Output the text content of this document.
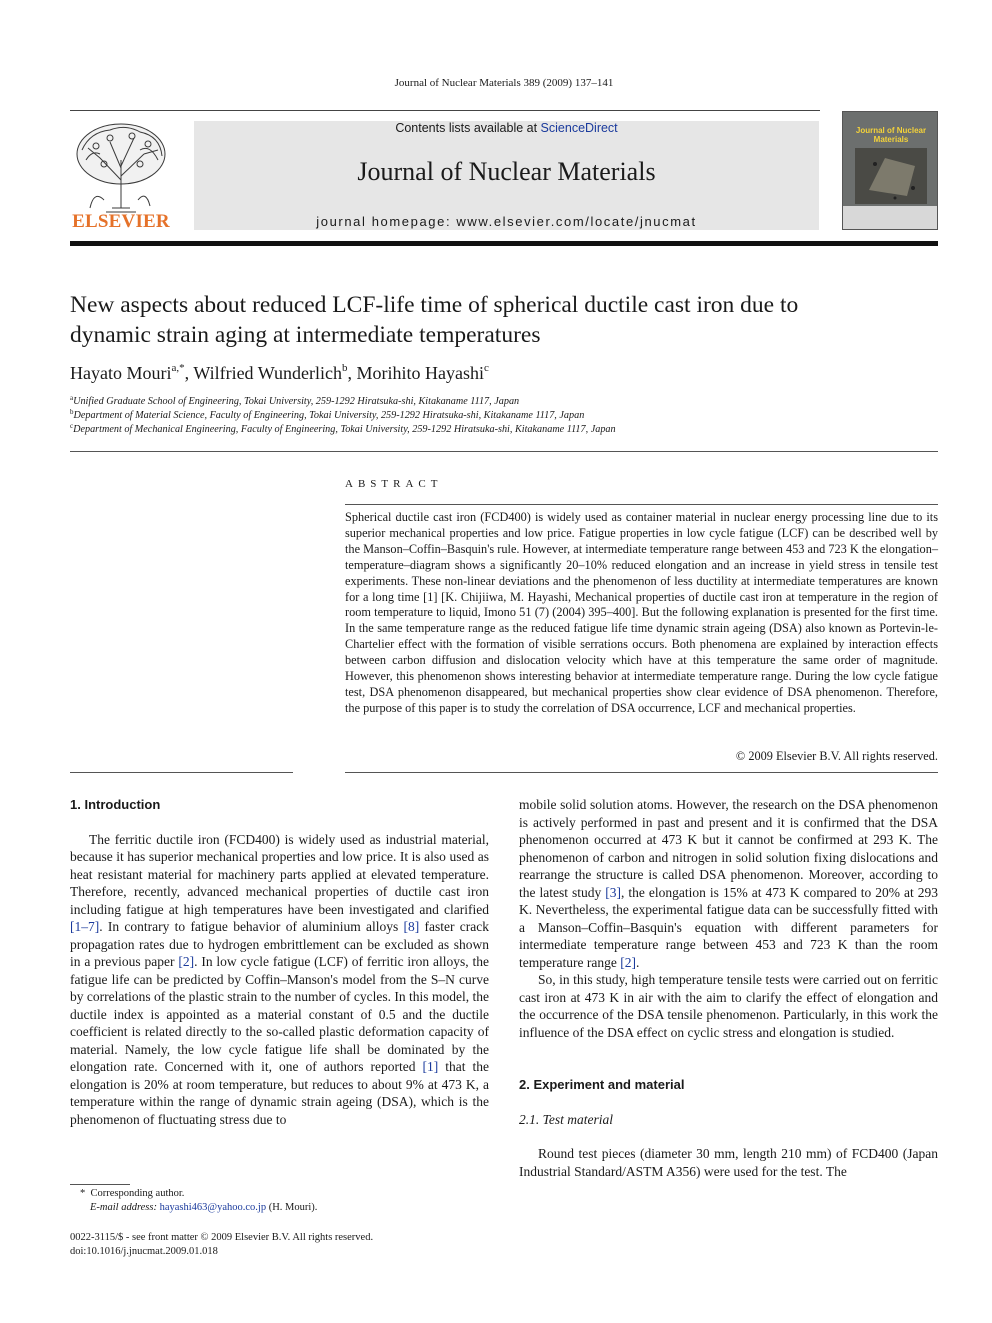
Journal of Nuclear Materials 389 (2009) 137–141
ELSEVIER
Contents lists available at ScienceDirect
Journal of Nuclear Materials
journal homepage: www.elsevier.com/locate/jnucmat
Journal of Nuclear Materials
New aspects about reduced LCF-life time of spherical ductile cast iron due to dynamic strain aging at intermediate temperatures
Hayato Mouri$^{a,*}$, Wilfried Wunderlich$^b$, Morihito Hayashi$^c$
$^a$Unified Graduate School of Engineering, Tokai University, 259-1292 Hiratsuka-shi, Kitakaname 1117, Japan
$^b$Department of Material Science, Faculty of Engineering, Tokai University, 259-1292 Hiratsuka-shi, Kitakaname 1117, Japan
$^c$Department of Mechanical Engineering, Faculty of Engineering, Tokai University, 259-1292 Hiratsuka-shi, Kitakaname 1117, Japan
ABSTRACT

Spherical ductile cast iron (FCD400) is widely used as container material in nuclear energy processing line due to its superior mechanical properties and low price. Fatigue properties in low cycle fatigue (LCF) can be described well by the Manson–Coffin–Basquin's rule. However, at intermediate temperature range between 453 and 723 K the elongation–temperature–diagram shows a significantly 20–10% reduced elongation and an increase in yield stress in tensile test experiments. These non-linear deviations and the phenomenon of less ductility at intermediate temperatures are known for a long time [1] [K. Chijiiwa, M. Hayashi, Mechanical properties of ductile cast iron at temperature in the region of room temperature to liquid, Imono 51 (7) (2004) 395–400]. But the following explanation is presented for the first time. In the same temperature range as the reduced fatigue life time dynamic strain ageing (DSA) also known as Portevin-le-Chartelier effect with the formation of visible serrations occurs. Both phenomena are explained by interaction effects between carbon diffusion and dislocation velocity which have at this temperature the same order of magnitude. However, this phenomenon shows interesting behavior at intermediate temperature range. During the low cycle fatigue test, DSA phenomenon disappeared, but mechanical properties show clear evidence of DSA phenomenon. Therefore, the purpose of this paper is to study the correlation of DSA occurrence, LCF and mechanical properties.

© 2009 Elsevier B.V. All rights reserved.
1. Introduction

The ferritic ductile iron (FCD400) is widely used as industrial material, because it has superior mechanical properties and low price. It is also used as heat resistant material for machinery parts applied at elevated temperature. Therefore, recently, advanced mechanical properties of ductile cast iron including fatigue at high temperatures have been investigated and clarified [1–7]. In contrary to fatigue behavior of aluminium alloys [8] faster crack propagation rates due to hydrogen embrittlement can be excluded as shown in a previous paper [2]. In low cycle fatigue (LCF) of ferritic iron alloys, the fatigue life can be predicted by Coffin–Manson's model from the S–N curve by correlations of the plastic strain to the number of cycles. In this model, the ductile index is appointed as a material constant of 0.5 and the ductile coefficient is related directly to the so-called plastic deformation capacity of material. Namely, the low cycle fatigue life shall be dominated by the elongation rate. Concerned with it, one of authors reported [1] that the elongation is 20% at room temperature, but reduces to about 9% at 473 K, a temperature within the range of dynamic strain ageing (DSA), which is the phenomenon of fluctuating stress due to

mobile solid solution atoms. However, the research on the DSA phenomenon is actively performed in past and present and it is confirmed that the DSA phenomenon occurred at 473 K but it cannot be confirmed at 293 K. The phenomenon of carbon and nitrogen in solid solution fixing dislocations and rearrange the structure is called DSA phenomenon. Moreover, according to the latest study [3], the elongation is 15% at 473 K compared to 20% at 293 K. Nevertheless, the experimental fatigue data can be successfully fitted with a Manson–Coffin–Basquin's equation with different parameters for intermediate temperature range between 453 and 723 K than the room temperature range [2].

So, in this study, high temperature tensile tests were carried out on ferritic cast iron at 473 K in air with the aim to clarify the effect of elongation and the occurrence of the DSA tensile phenomenon. Particularly, in this work the influence of the DSA effect on cyclic stress and elongation is studied.

2. Experiment and material
2.1. Test material

Round test pieces (diameter 30 mm, length 210 mm) of FCD400 (Japan Industrial Standard/ASTM A356) were used for the test. The

* Corresponding author.
E-mail address: hayashi463@yahoo.co.jp (H. Mouri).
0022-3115/$ - see front matter © 2009 Elsevier B.V. All rights reserved.
doi:10.1016/j.jnucmat.2009.01.018
